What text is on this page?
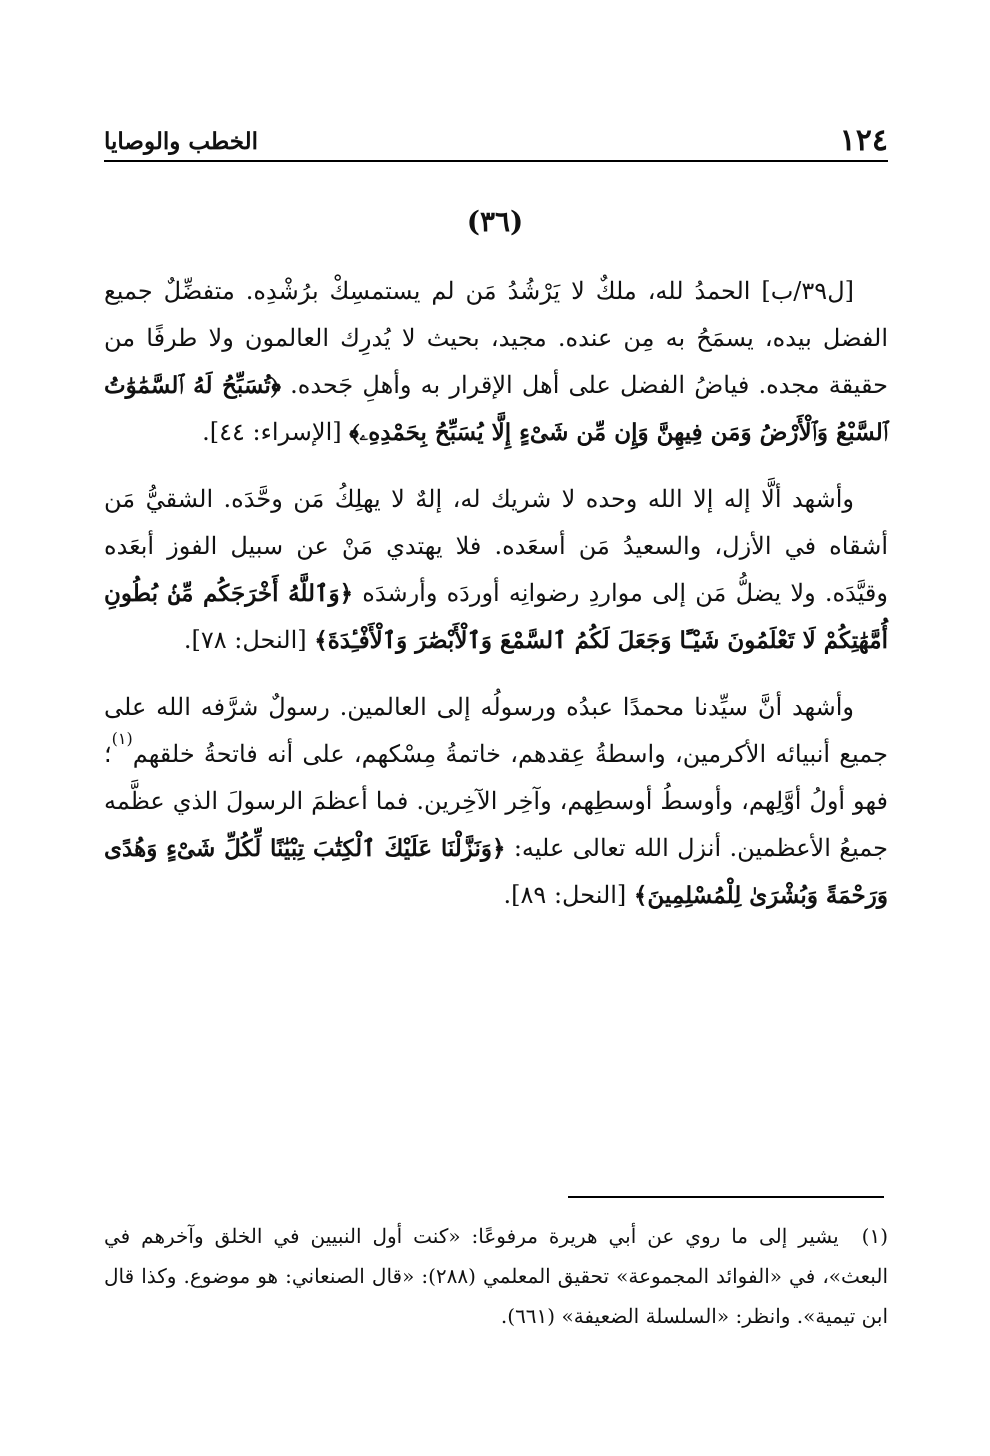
١٢٤
الخطب والوصايا
(٣٦)

[ل٣٩/ب] الحمدُ لله، ملكٌ لا يَرْشُدُ مَن لم يستمسِكْ برُشْدِه. متفضِّلٌ جميع الفضل بيده، يسمَحُ به مِن عنده. مجيد، بحيث لا يُدرِك العالمون ولا طرفًا من حقيقة مجده. فياضُ الفضل على أهل الإقرار به وأهلِ جَحده. ﴿تُسَبِّحُ لَهُ ٱلسَّمَٰوَٰتُ ٱلسَّبْعُ وَٱلْأَرْضُ وَمَن فِيهِنَّ وَإِن مِّن شَىْءٍ إِلَّا يُسَبِّحُ بِحَمْدِهِۦ﴾ [الإسراء: ٤٤].

وأشهد ألَّا إله إلا الله وحده لا شريك له، إلهٌ لا يهلِكُ مَن وحَّدَه. الشقيُّ مَن أشقاه في الأزل، والسعيدُ مَن أسعَده. فلا يهتدي مَنْ عن سبيل الفوز أبعَده وقيَّدَه. ولا يضلُّ مَن إلى مواردِ رضوانِه أوردَه وأرشدَه ﴿وَٱللَّهُ أَخْرَجَكُم مِّنۢ بُطُونِ أُمَّهَٰتِكُمْ لَا تَعْلَمُونَ شَيْـًٔا وَجَعَلَ لَكُمُ ٱلسَّمْعَ وَٱلْأَبْصَٰرَ وَٱلْأَفْـِٔدَةَ﴾ [النحل: ٧٨].

وأشهد أنَّ سيِّدنا محمدًا عبدُه ورسولُه إلى العالمين. رسولٌ شرَّفه الله على جميع أنبيائه الأكرمين، واسطةُ عِقدهم، خاتمةُ مِسْكهم، على أنه فاتحةُ خلقهم$^{(١)}$؛ فهو أولُ أوَّلِهم، وأوسطُ أوسطِهم، وآخِر الآخِرين. فما أعظمَ الرسولَ الذي عظَّمه جميعُ الأعظمين. أنزل الله تعالى عليه: ﴿وَنَزَّلْنَا عَلَيْكَ ٱلْكِتَٰبَ تِبْيَٰنًا لِّكُلِّ شَىْءٍ وَهُدًى وَرَحْمَةً وَبُشْرَىٰ لِلْمُسْلِمِينَ﴾ [النحل: ٨٩].

(١) يشير إلى ما روي عن أبي هريرة مرفوعًا: «كنت أول النبيين في الخلق وآخرهم في البعث»، في «الفوائد المجموعة» تحقيق المعلمي (٢٨٨): «قال الصنعاني: هو موضوع. وكذا قال ابن تيمية». وانظر: «السلسلة الضعيفة» (٦٦١).
